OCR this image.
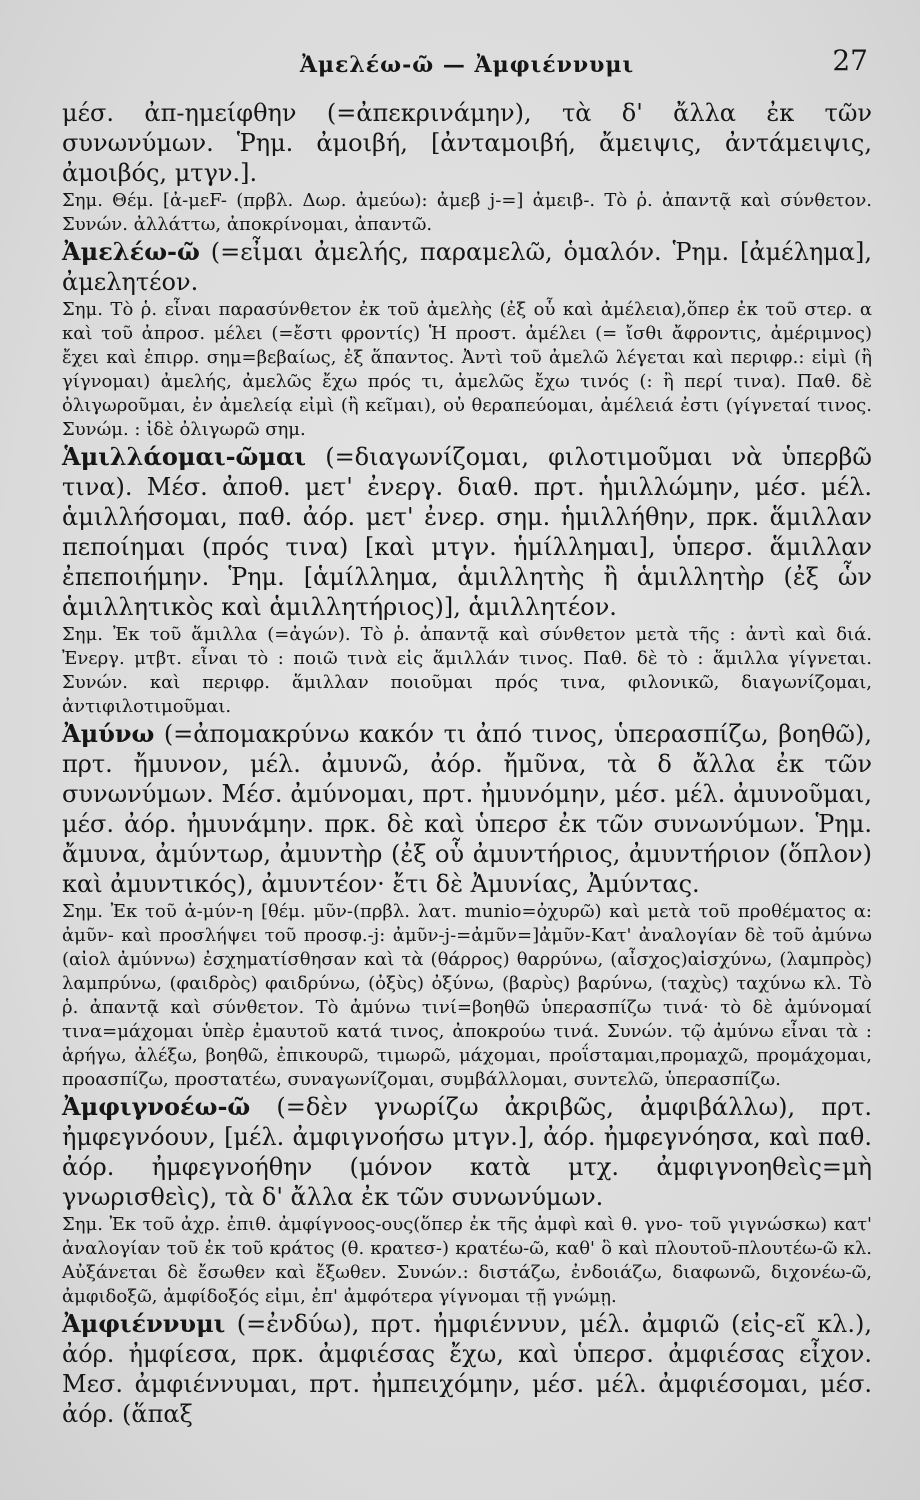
Ἀμελέω-ῶ — Ἀμφιέννυμι	27

μέσ. ἀπ-ημείφθην (=ἀπεκρινάμην), τὰ δ' ἄλλα ἐκ τῶν συνωνύμων. Ῥημ. ἀμοιβή, [ἀνταμοιβή, ἄμειψις, ἀντάμειψις, ἀμοιβός, μτγν.].

Σημ. Θέμ. [ἀ-μεF- (πρβλ. Δωρ. ἀμεύω): ἀμεβ j-=] ἀμειβ-. Τὸ ῥ. ἀπαντᾷ καὶ σύνθετον. Συνών. ἀλλάττω, ἀποκρίνομαι, ἀπαντῶ.

Ἀμελέω-ῶ (=εἶμαι ἀμελής, παραμελῶ, ὁμαλόν. Ῥημ. [ἀμέλημα], ἀμελητέον.

Σημ. Τὸ ῥ. εἶναι παρασύνθετον ἐκ τοῦ ἀμελὴς (ἐξ οὗ καὶ ἀμέλεια),ὅπερ ἐκ τοῦ στερ. α καὶ τοῦ ἀπροσ. μέλει (=ἔστι φροντίς) Ἡ προστ. ἀμέλει (= ἴσθι ἄφροντις, ἀμέριμνος) ἔχει καὶ ἐπιρρ. σημ=βεβαίως, ἐξ ἅπαντος. Ἀντὶ τοῦ ἀμελῶ λέγεται καὶ περιφρ.: εἰμὶ (ἢ γίγνομαι) ἀμελής, ἀμελῶς ἔχω πρός τι, ἀμελῶς ἔχω τινός (: ἢ περί τινα). Παθ. δὲ ὀλιγωροῦμαι, ἐν ἀμελείᾳ εἰμὶ (ἢ κεῖμαι), οὐ θεραπεύομαι, ἀμέλειά ἐστι (γίγνεταί τινος. Συνώμ. : ἰδὲ ὀλιγωρῶ σημ.

Ἁμιλλάομαι-ῶμαι (=διαγωνίζομαι, φιλοτιμοῦμαι νὰ ὑπερβῶ τινα). Μέσ. ἀποθ. μετ' ἐνεργ. διαθ. πρτ. ἡμιλλώμην, μέσ. μέλ. ἁμιλλήσομαι, παθ. ἀόρ. μετ' ἐνερ. σημ. ἡμιλλήθην, πρκ. ἅμιλλαν πεποίημαι (πρός τινα) [καὶ μτγν. ἡμίλλημαι], ὑπερσ. ἅμιλλαν ἐπεποιήμην. Ῥημ. [ἁμίλλημα, ἁμιλλητὴς ἢ ἁμιλλητὴρ (ἐξ ὧν ἁμιλλητικὸς καὶ ἁμιλλητήριος)], ἁμιλλητέον.

Σημ. Ἐκ τοῦ ἅμιλλα (=ἀγών). Τὸ ῥ. ἀπαντᾷ καὶ σύνθετον μετὰ τῆς : ἀντὶ καὶ διά. Ἐνεργ. μτβτ. εἶναι τὸ : ποιῶ τινὰ εἰς ἅμιλλάν τινος. Παθ. δὲ τὸ : ἅμιλλα γίγνεται. Συνών. καὶ περιφρ. ἅμιλλαν ποιοῦμαι πρός τινα, φιλονικῶ, διαγωνίζομαι, ἀντιφιλοτιμοῦμαι.

Ἀμύνω (=ἀπομακρύνω κακόν τι ἀπό τινος, ὑπερασπίζω, βοηθῶ), πρτ. ἤμυνον, μέλ. ἀμυνῶ, ἀόρ. ἤμῦνα, τὰ δ ἄλλα ἐκ τῶν συνωνύμων. Μέσ. ἀμύνομαι, πρτ. ἠμυνόμην, μέσ. μέλ. ἀμυνοῦμαι, μέσ. ἀόρ. ἠμυνάμην. πρκ. δὲ καὶ ὑπερσ ἐκ τῶν συνωνύμων. Ῥημ. ἄμυνα, ἀμύντωρ, ἀμυντὴρ (ἐξ οὗ ἀμυντήριος, ἀμυντήριον (ὅπλον) καὶ ἀμυντικός), ἀμυντέον· ἔτι δὲ Ἀμυνίας, Ἀμύντας.

Σημ. Ἐκ τοῦ ἀ-μύν-η [θέμ. μῦν-(πρβλ. λατ. munio=ὀχυρῶ) καὶ μετὰ τοῦ προθέματος α: ἀμῦν- καὶ προσλήψει τοῦ προσφ.-j: ἀμῦν-j-=ἀμῦν=]ἀμῦν-Κατ' ἀναλογίαν δὲ τοῦ ἀμύνω (αἰολ ἀμύννω) ἐσχηματίσθησαν καὶ τὰ (θάρρος) θαρρύνω, (αἶσχος)αἰσχύνω, (λαμπρὸς) λαμπρύνω, (φαιδρὸς) φαιδρύνω, (ὀξὺς) ὀξύνω, (βαρὺς) βαρύνω, (ταχὺς) ταχύνω κλ. Τὸ ῥ. ἀπαντᾷ καὶ σύνθετον. Τὸ ἀμύνω τινί=βοηθῶ ὑπερασπίζω τινά· τὸ δὲ ἀμύνομαί τινα=μάχομαι ὑπὲρ ἐμαυτοῦ κατά τινος, ἀποκρούω τινά. Συνών. τῷ ἀμύνω εἶναι τὰ : ἀρήγω, ἀλέξω, βοηθῶ, ἐπικουρῶ, τιμωρῶ, μάχομαι, προΐσταμαι,προμαχῶ, προμάχομαι, προασπίζω, προστατέω, συναγωνίζομαι, συμβάλλομαι, συντελῶ, ὑπερασπίζω.

Ἀμφιγνοέω-ῶ (=δὲν γνωρίζω ἀκριβῶς, ἀμφιβάλλω), πρτ. ἠμφεγνόουν, [μέλ. ἀμφιγνοήσω μτγν.], ἀόρ. ἠμφεγνόησα, καὶ παθ. ἀόρ. ἠμφεγνοήθην (μόνον κατὰ μτχ. ἀμφιγνοηθεὶς=μὴ γνωρισθεὶς), τὰ δ' ἄλλα ἐκ τῶν συνωνύμων.

Σημ. Ἐκ τοῦ ἀχρ. ἐπιθ. ἀμφίγνοος-ους(ὅπερ ἐκ τῆς ἀμφὶ καὶ θ. γνο- τοῦ γιγνώσκω) κατ' ἀναλογίαν τοῦ ἐκ τοῦ κράτος (θ. κρατεσ-) κρατέω-ῶ, καθ' ὃ καὶ πλουτοῦ-πλουτέω-ῶ κλ. Αὐξάνεται δὲ ἔσωθεν καὶ ἔξωθεν. Συνών.: διστάζω, ἐνδοιάζω, διαφωνῶ, διχονέω-ῶ, ἀμφιδοξῶ, ἀμφίδοξός εἰμι, ἐπ' ἀμφότερα γίγνομαι τῇ γνώμῃ.

Ἀμφιέννυμι (=ἐνδύω), πρτ. ἠμφιέννυν, μέλ. ἀμφιῶ (εἰς-εῖ κλ.), ἀόρ. ἠμφίεσα, πρκ. ἀμφιέσας ἔχω, καὶ ὑπερσ. ἀμφιέσας εἶχον. Μεσ. ἀμφιέννυμαι, πρτ. ἠμπειχόμην, μέσ. μέλ. ἀμφιέσομαι, μέσ. ἀόρ. (ἅπαξ
